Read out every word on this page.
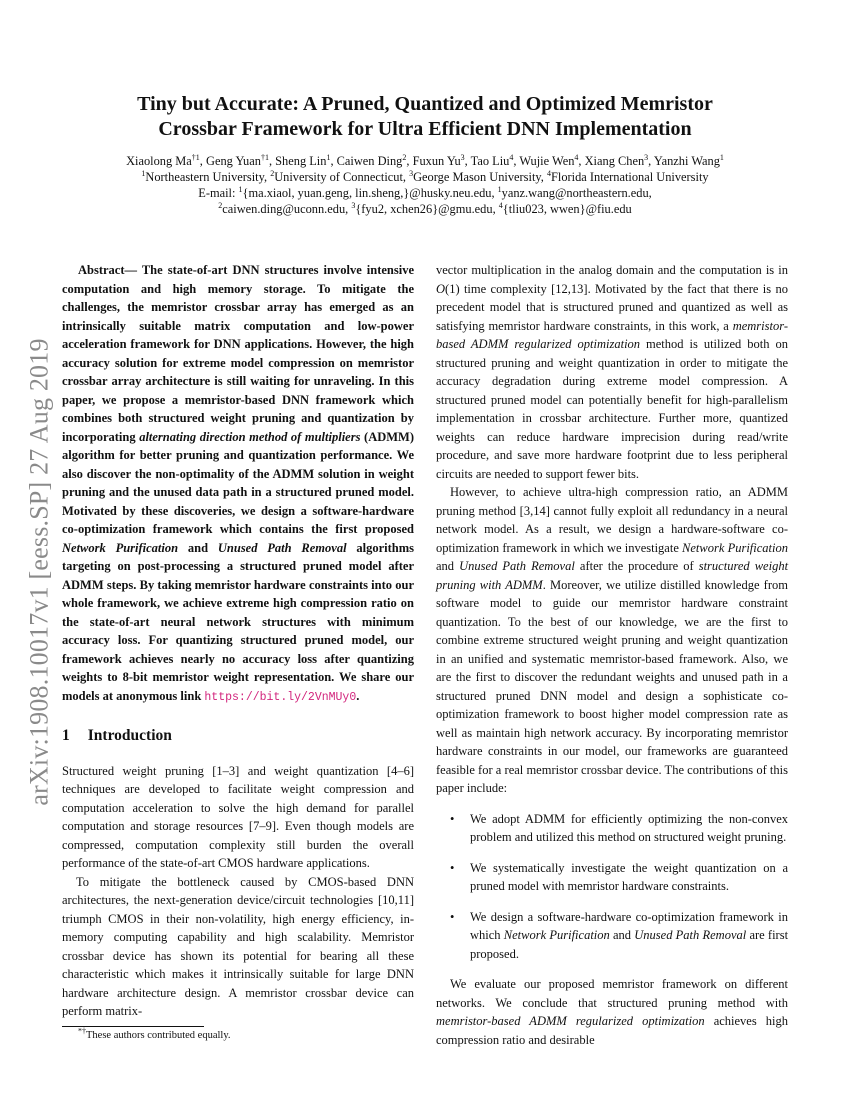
arXiv:1908.10017v1 [eess.SP] 27 Aug 2019
Tiny but Accurate: A Pruned, Quantized and Optimized Memristor
Crossbar Framework for Ultra Efficient DNN Implementation
Xiaolong Ma$^{\dagger 1}$, Geng Yuan$^{\dagger 1}$, Sheng Lin$^1$, Caiwen Ding$^2$, Fuxun Yu$^3$, Tao Liu$^4$, Wujie Wen$^4$, Xiang Chen$^3$, Yanzhi Wang$^1$
$^1$Northeastern University, $^2$University of Connecticut, $^3$George Mason University, $^4$Florida International University
E-mail: $^1${ma.xiaol, yuan.geng, lin.sheng,}@husky.neu.edu, $^1$yanz.wang@northeastern.edu,
$^2$caiwen.ding@uconn.edu, $^3${fyu2, xchen26}@gmu.edu, $^4${tliu023, wwen}@fiu.edu

Abstract— The state-of-art DNN structures involve intensive computation and high memory storage. To mitigate the challenges, the memristor crossbar array has emerged as an intrinsically suitable matrix computation and low-power acceleration framework for DNN applications. However, the high accuracy solution for extreme model compression on memristor crossbar array architecture is still waiting for unraveling. In this paper, we propose a memristor-based DNN framework which combines both structured weight pruning and quantization by incorporating alternating direction method of multipliers (ADMM) algorithm for better pruning and quantization performance. We also discover the non-optimality of the ADMM solution in weight pruning and the unused data path in a structured pruned model. Motivated by these discoveries, we design a software-hardware co-optimization framework which contains the first proposed Network Purification and Unused Path Removal algorithms targeting on post-processing a structured pruned model after ADMM steps. By taking memristor hardware constraints into our whole framework, we achieve extreme high compression ratio on the state-of-art neural network structures with minimum accuracy loss. For quantizing structured pruned model, our framework achieves nearly no accuracy loss after quantizing weights to 8-bit memristor weight representation. We share our models at anonymous link https://bit.ly/2VnMUy0.

1 Introduction

Structured weight pruning [1–3] and weight quantization [4–6] techniques are developed to facilitate weight compression and computation acceleration to solve the high demand for parallel computation and storage resources [7–9]. Even though models are compressed, computation complexity still burden the overall performance of the state-of-art CMOS hardware applications.

To mitigate the bottleneck caused by CMOS-based DNN architectures, the next-generation device/circuit technologies [10,11] triumph CMOS in their non-volatility, high energy efficiency, in-memory computing capability and high scalability. Memristor crossbar device has shown its potential for bearing all these characteristic which makes it intrinsically suitable for large DNN hardware architecture design. A memristor crossbar device can perform matrix-

vector multiplication in the analog domain and the computation is in O(1) time complexity [12,13]. Motivated by the fact that there is no precedent model that is structured pruned and quantized as well as satisfying memristor hardware constraints, in this work, a memristor-based ADMM regularized optimization method is utilized both on structured pruning and weight quantization in order to mitigate the accuracy degradation during extreme model compression. A structured pruned model can potentially benefit for high-parallelism implementation in crossbar architecture. Further more, quantized weights can reduce hardware imprecision during read/write procedure, and save more hardware footprint due to less peripheral circuits are needed to support fewer bits.

However, to achieve ultra-high compression ratio, an ADMM pruning method [3,14] cannot fully exploit all redundancy in a neural network model. As a result, we design a hardware-software co-optimization framework in which we investigate Network Purification and Unused Path Removal after the procedure of structured weight pruning with ADMM. Moreover, we utilize distilled knowledge from software model to guide our memristor hardware constraint quantization. To the best of our knowledge, we are the first to combine extreme structured weight pruning and weight quantization in an unified and systematic memristor-based framework. Also, we are the first to discover the redundant weights and unused path in a structured pruned DNN model and design a sophisticate co-optimization framework to boost higher model compression rate as well as maintain high network accuracy. By incorporating memristor hardware constraints in our model, our frameworks are guaranteed feasible for a real memristor crossbar device. The contributions of this paper include:

• We adopt ADMM for efficiently optimizing the non-convex problem and utilized this method on structured weight pruning.
• We systematically investigate the weight quantization on a pruned model with memristor hardware constraints.
• We design a software-hardware co-optimization framework in which Network Purification and Unused Path Removal are first proposed.

We evaluate our proposed memristor framework on different networks. We conclude that structured pruning method with memristor-based ADMM regularized optimization achieves high compression ratio and desirable

*†These authors contributed equally.
